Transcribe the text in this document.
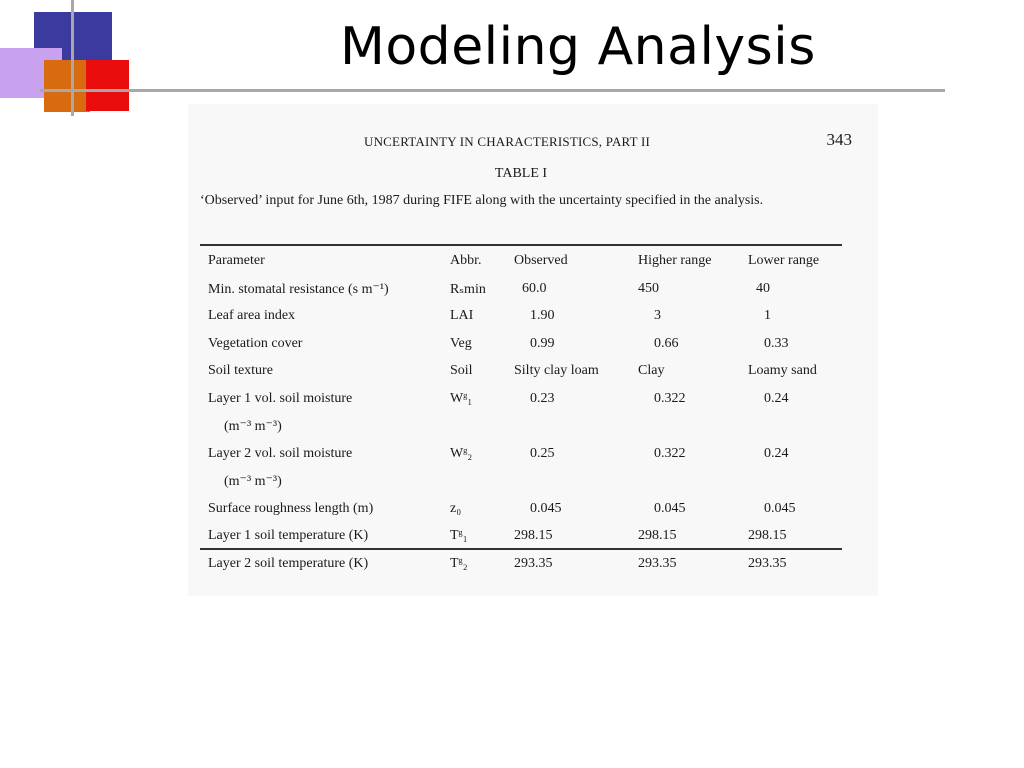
Modeling Analysis
UNCERTAINTY IN CHARACTERISTICS, PART II	343
TABLE I
‘Observed’ input for June 6th, 1987 during FIFE along with the uncertainty specified in the analysis.
Parameter	Abbr.	Observed	Higher range	Lower range
Min. stomatal resistance (s m⁻¹)	Rₛmin	60.0	450	40
Leaf area index	LAI	1.90	3	1
Vegetation cover	Veg	0.99	0.66	0.33
Soil texture	Soil	Silty clay loam	Clay	Loamy sand
Layer 1 vol. soil moisture	Wᵍ₁	0.23	0.322	0.24
(m⁻³ m⁻³)				
Layer 2 vol. soil moisture	Wᵍ₂	0.25	0.322	0.24
(m⁻³ m⁻³)				
Surface roughness length (m)	z₀	0.045	0.045	0.045
Layer 1 soil temperature (K)	Tᵍ₁	298.15	298.15	298.15
Layer 2 soil temperature (K)	Tᵍ₂	293.35	293.35	293.35
